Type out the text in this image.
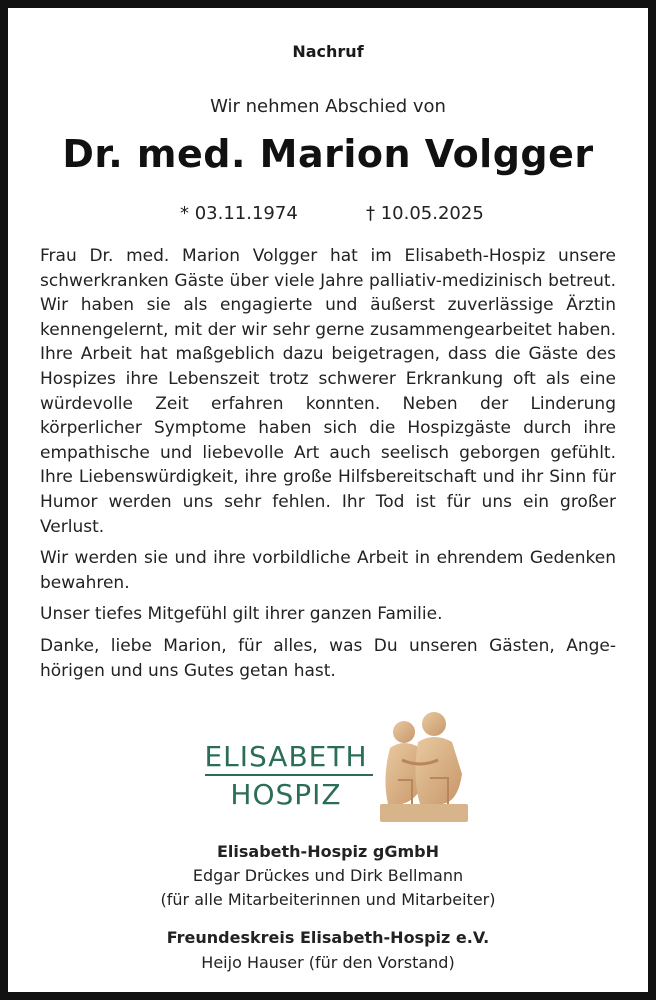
Nachruf
Wir nehmen Abschied von
Dr. med. Marion Volgger
* 03.11.1974	† 10.05.2025

Frau Dr. med. Marion Volgger hat im Elisabeth-Hospiz unsere schwerkranken Gäste über viele Jahre palliativ-medizinisch betreut. Wir haben sie als engagierte und äußerst zuverlässige Ärztin kennengelernt, mit der wir sehr gerne zusammengearbeitet haben. Ihre Arbeit hat maßgeblich dazu beigetragen, dass die Gäste des Hospizes ihre Lebenszeit trotz schwerer Erkrankung oft als eine würdevolle Zeit erfahren konnten. Neben der Linderung körperlicher Symptome haben sich die Hospizgäste durch ihre empathische und liebevolle Art auch seelisch geborgen gefühlt. Ihre Liebenswürdigkeit, ihre große Hilfsbereitschaft und ihr Sinn für Humor werden uns sehr fehlen. Ihr Tod ist für uns ein großer Verlust.

Wir werden sie und ihre vorbildliche Arbeit in ehrendem Gedenken bewahren.

Unser tiefes Mitgefühl gilt ihrer ganzen Familie.

Danke, liebe Marion, für alles, was Du unseren Gästen, Angehörigen und uns Gutes getan hast.

ELISABETH
HOSPIZ
Elisabeth-Hospiz gGmbH
Edgar Drückes und Dirk Bellmann
(für alle Mitarbeiterinnen und Mitarbeiter)
Freundeskreis Elisabeth-Hospiz e.V.
Heijo Hauser (für den Vorstand)
